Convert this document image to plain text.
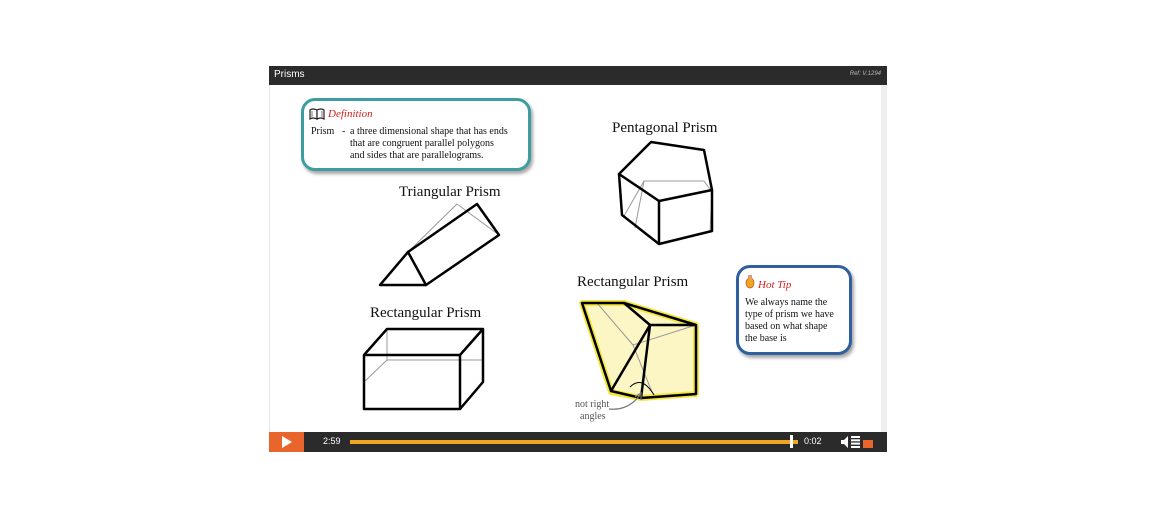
Prisms	Ref: V.1294
Definition
Prism - a three dimensional shape that has ends
that are congruent parallel polygons
and sides that are parallelograms.
Triangular Prism
Rectangular Prism
Pentagonal Prism
Rectangular Prism
not right
angles
Hot Tip
We always name the
type of prism we have
based on what shape
the base is
2:59	0:02
